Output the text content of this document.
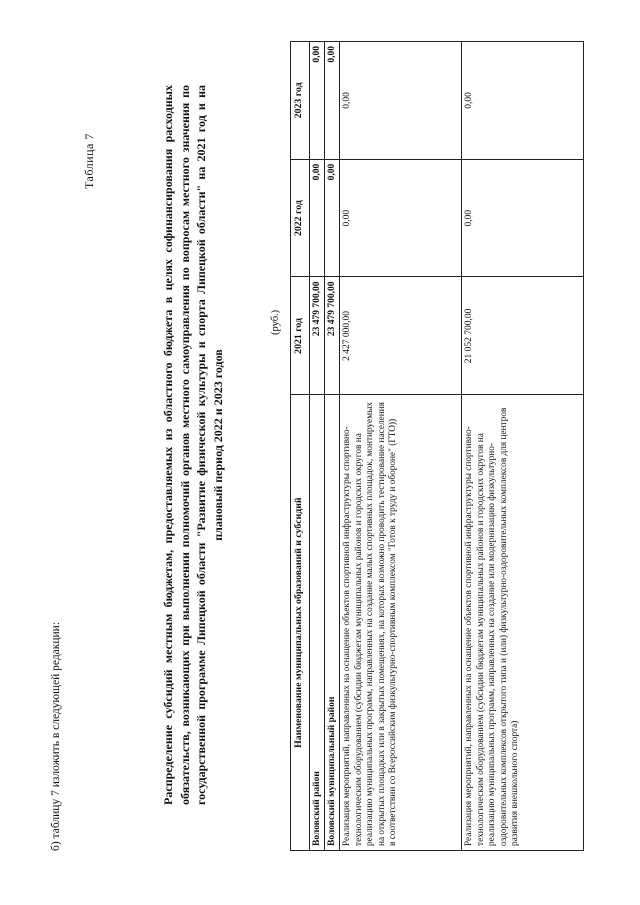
б) таблицу 7 изложить в следующей редакции:
Таблица 7	Распределение субсидий местным бюджетам, предоставляемых из областного бюджета в целях софинансирования расходных обязательств, возникающих при выполнении полномочий органов местного самоуправления по вопросам местного значения по государственной программе Липецкой области "Развитие физической культуры и спорта Липецкой области" на 2021 год и на плановый период 2022 и 2023 годов
(руб.)
Наименование муниципальных образований и субсидий	2021 год	2022 год	2023 год
Воловский район	23 479 700,00	0,00	0,00
Воловский муниципальный район	23 479 700,00	0,00	0,00
Реализация мероприятий, направленных на оснащение объектов спортивной инфраструктуры спортивно-технологическим оборудованием (субсидии бюджетам муниципальных районов и городских округов на реализацию муниципальных программ, направленных на создание малых спортивных площадок, монтируемых на открытых площадках или в закрытых помещениях, на которых возможно проводить тестирование населения в соответствии со Всероссийским физкультурно-спортивным комплексом "Готов к труду и обороне" (ГТО))	2 427 000,00	0,00	0,00
Реализация мероприятий, направленных на оснащение объектов спортивной инфраструктуры спортивно-технологическим оборудованием (субсидии бюджетам муниципальных районов и городских округов на реализацию муниципальных программ, направленных на создание или модернизацию физкультурно-оздоровительных комплексов открытого типа и (или) физкультурно-оздоровительных комплексов для центров развития внешкольного спорта)	21 052 700,00	0,00	0,00
